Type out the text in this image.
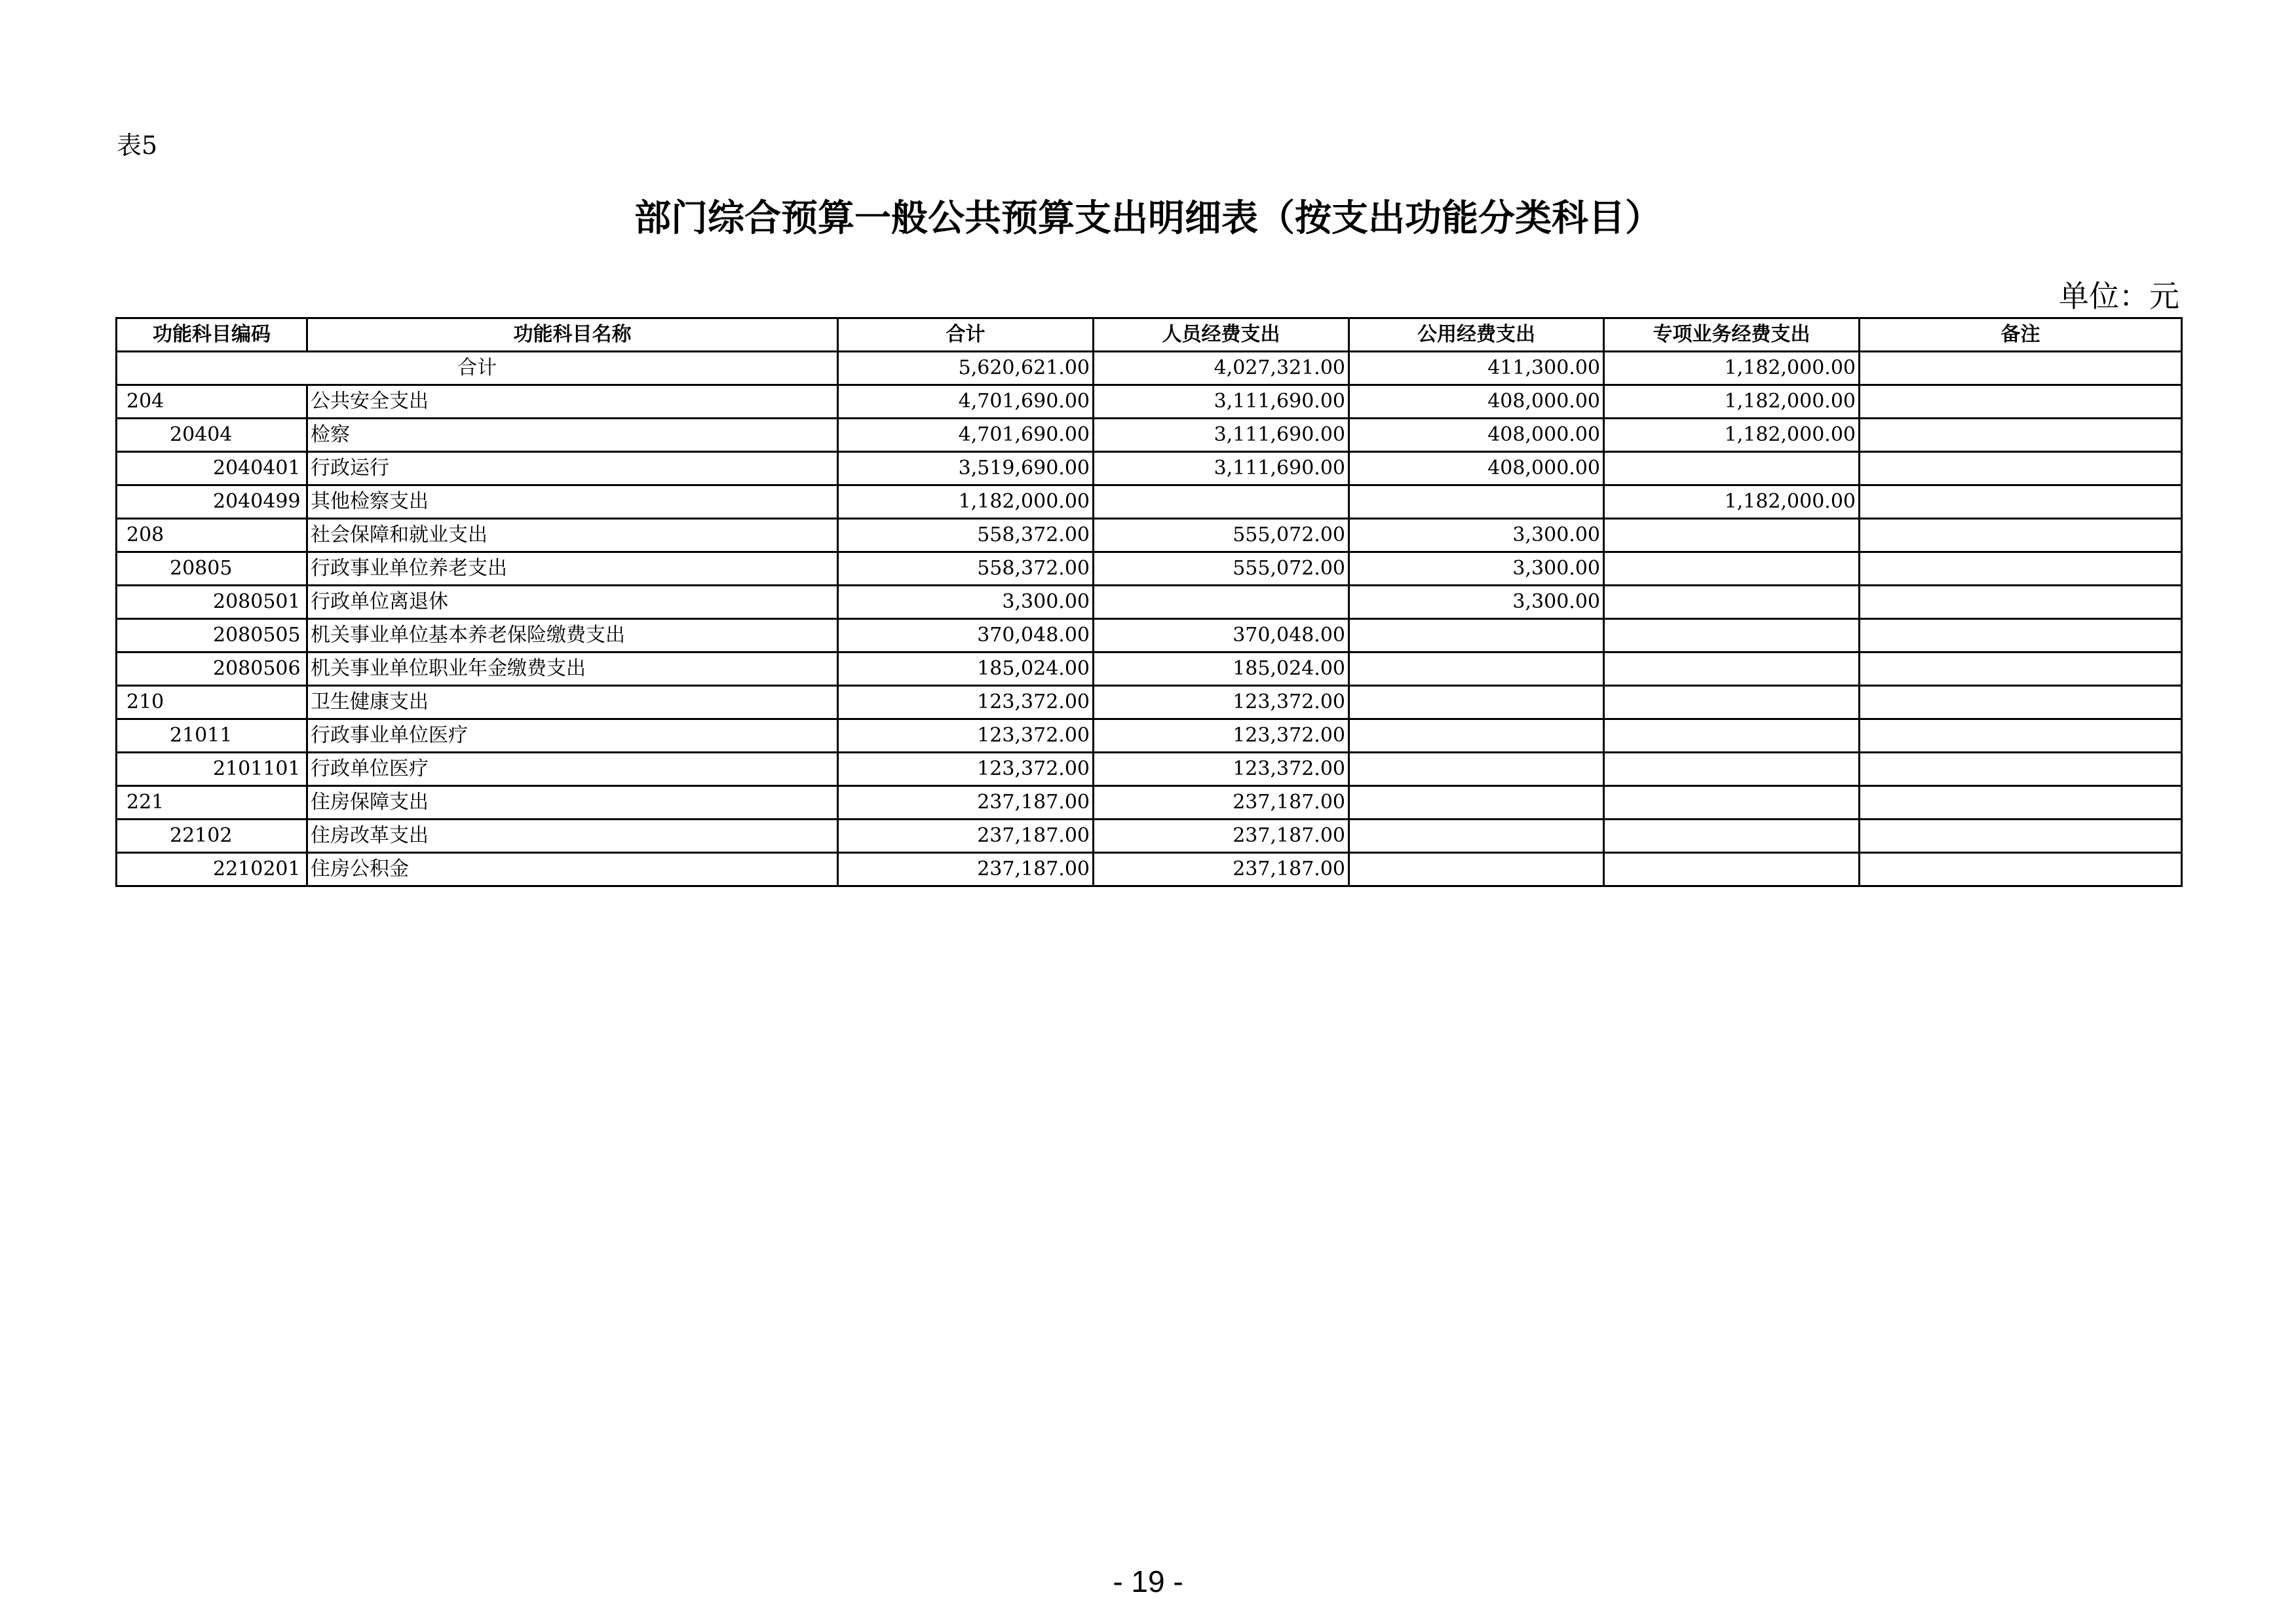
表5
部门综合预算一般公共预算支出明细表（按支出功能分类科目）
单位：元
功能科目编码	功能科目名称	合计	人员经费支出	公用经费支出	专项业务经费支出	备注
合计		5,620,621.00	4,027,321.00	411,300.00	1,182,000.00	
204	公共安全支出	4,701,690.00	3,111,690.00	408,000.00	1,182,000.00	
20404	检察	4,701,690.00	3,111,690.00	408,000.00	1,182,000.00	
2040401	行政运行	3,519,690.00	3,111,690.00	408,000.00		
2040499	其他检察支出	1,182,000.00			1,182,000.00	
208	社会保障和就业支出	558,372.00	555,072.00	3,300.00		
20805	行政事业单位养老支出	558,372.00	555,072.00	3,300.00		
2080501	行政单位离退休	3,300.00		3,300.00		
2080505	机关事业单位基本养老保险缴费支出	370,048.00	370,048.00			
2080506	机关事业单位职业年金缴费支出	185,024.00	185,024.00			
210	卫生健康支出	123,372.00	123,372.00			
21011	行政事业单位医疗	123,372.00	123,372.00			
2101101	行政单位医疗	123,372.00	123,372.00			
221	住房保障支出	237,187.00	237,187.00			
22102	住房改革支出	237,187.00	237,187.00			
2210201	住房公积金	237,187.00	237,187.00			
- 19 -
